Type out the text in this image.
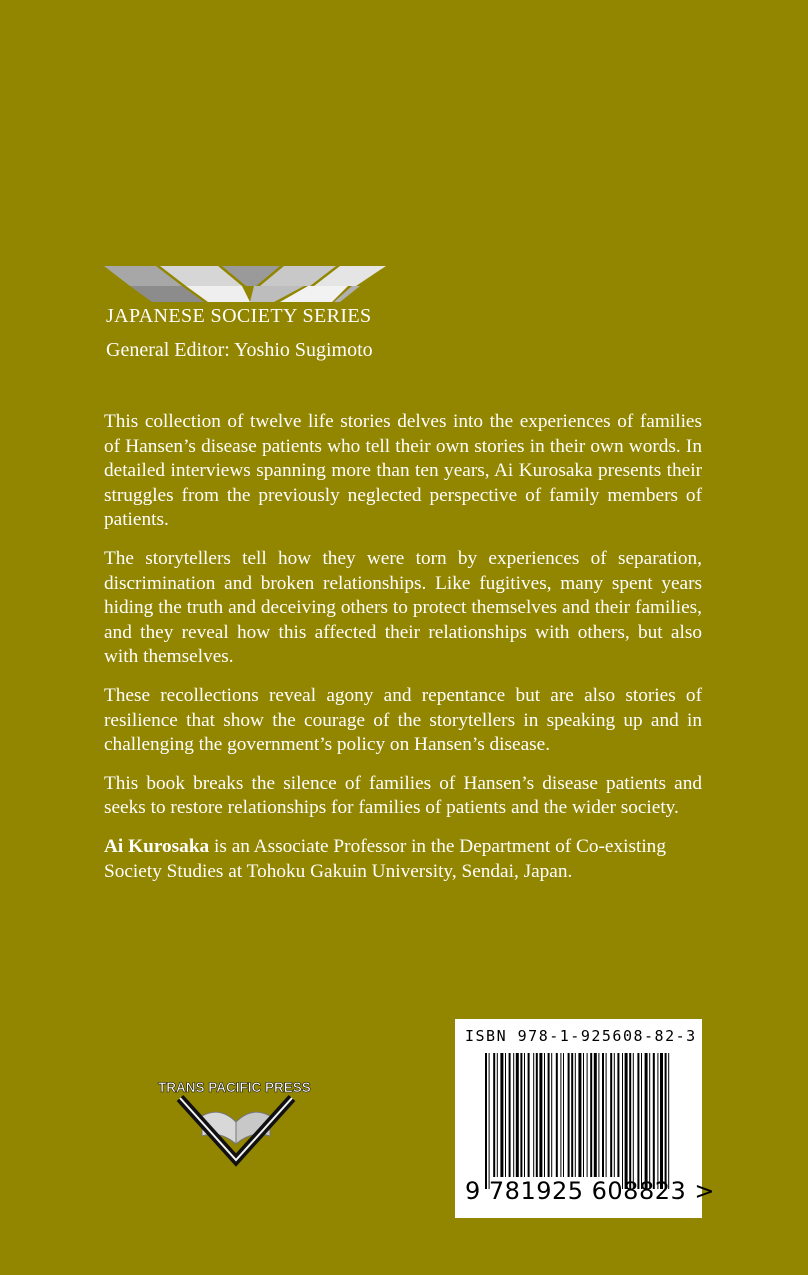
JAPANESE SOCIETY SERIES
General Editor: Yoshio Sugimoto

This collection of twelve life stories delves into the experiences of families of Hansen’s disease patients who tell their own stories in their own words. In detailed interviews spanning more than ten years, Ai Kurosaka presents their struggles from the previously neglected perspective of family members of patients.

The storytellers tell how they were torn by experiences of separation, discrimination and broken relationships. Like fugitives, many spent years hiding the truth and deceiving others to protect themselves and their families, and they reveal how this affected their relationships with others, but also with themselves.

These recollections reveal agony and repentance but are also stories of resilience that show the courage of the storytellers in speaking up and in challenging the government’s policy on Hansen’s disease.

This book breaks the silence of families of Hansen’s disease patients and seeks to restore relationships for families of patients and the wider society.

Ai Kurosaka is an Associate Professor in the Department of Co-existing Society Studies at Tohoku Gakuin University, Sendai, Japan.

TRANS PACIFIC PRESS
ISBN 978-1-925608-82-3
9 781925 608823 >
